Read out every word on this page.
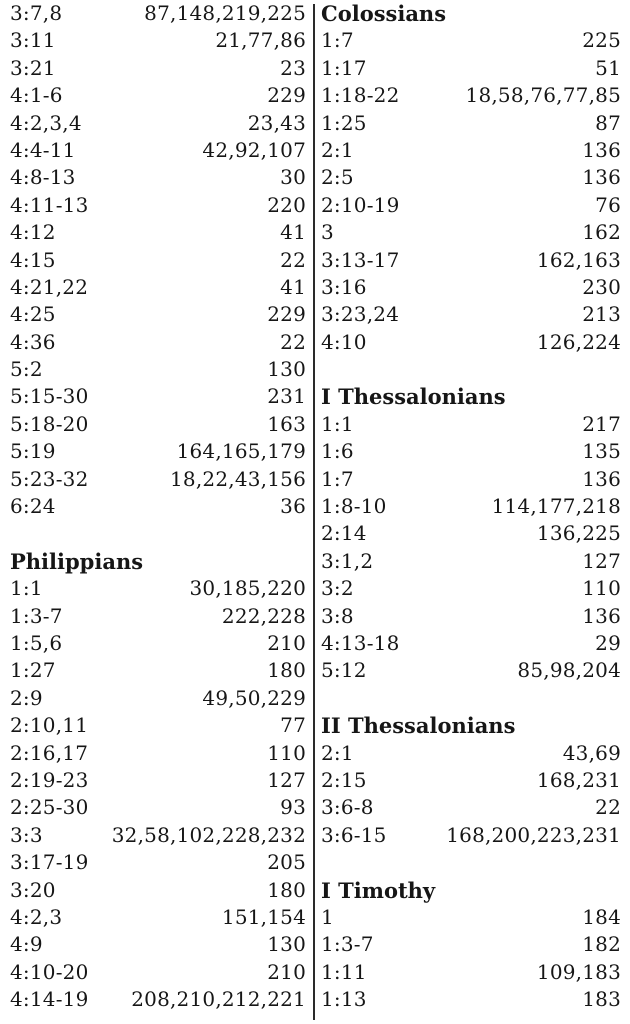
3:7,8	87,148,219,225
3:11	21,77,86
3:21	23
4:1-6	229
4:2,3,4	23,43
4:4-11	42,92,107
4:8-13	30
4:11-13	220
4:12	41
4:15	22
4:21,22	41
4:25	229
4:36	22
5:2	130
5:15-30	231
5:18-20	163
5:19	164,165,179
5:23-32	18,22,43,156
6:24	36
Philippians
1:1	30,185,220
1:3-7	222,228
1:5,6	210
1:27	180
2:9	49,50,229
2:10,11	77
2:16,17	110
2:19-23	127
2:25-30	93
3:3	32,58,102,228,232
3:17-19	205
3:20	180
4:2,3	151,154
4:9	130
4:10-20	210
4:14-19 208,210,212,221
Colossians
1:7	225
1:17	51
1:18-22	18,58,76,77,85
1:25	87
2:1	136
2:5	136
2:10-19	76
3	162
3:13-17	162,163
3:16	230
3:23,24	213
4:10	126,224
I Thessalonians
1:1	217
1:6	135
1:7	136
1:8-10	114,177,218
2:14	136,225
3:1,2	127
3:2	110
3:8	136
4:13-18	29
5:12	85,98,204
II Thessalonians
2:1	43,69
2:15	168,231
3:6-8	22
3:6-15	168,200,223,231
I Timothy
1	184
1:3-7	182
1:11	109,183
1:13	183
